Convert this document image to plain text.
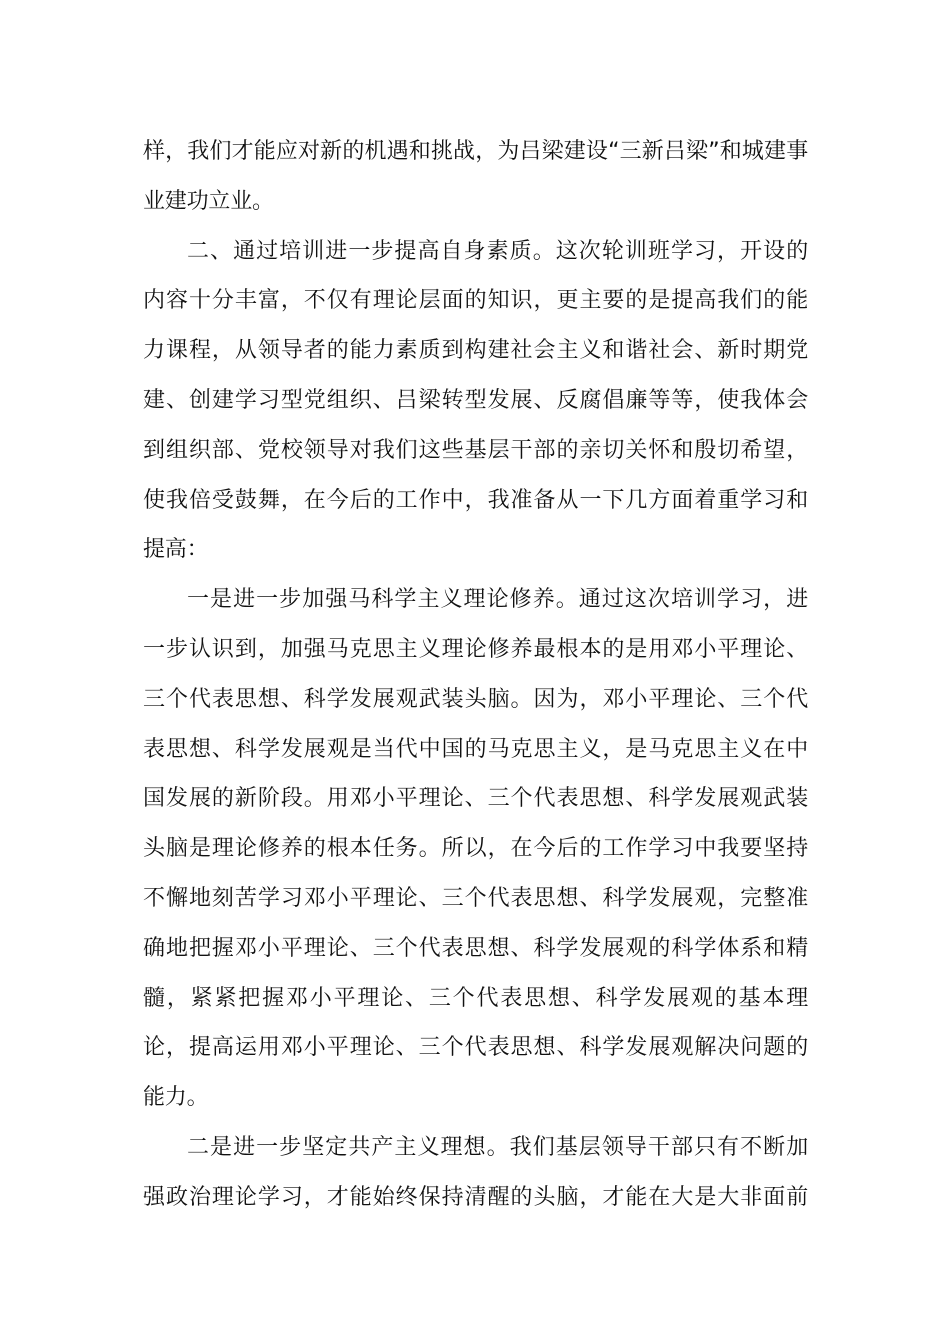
样，我们才能应对新的机遇和挑战，为吕梁建设“三新吕梁”和城建事
业建功立业。
二、通过培训进一步提高自身素质。这次轮训班学习，开设的
内容十分丰富，不仅有理论层面的知识，更主要的是提高我们的能
力课程，从领导者的能力素质到构建社会主义和谐社会、新时期党
建、创建学习型党组织、吕梁转型发展、反腐倡廉等等，使我体会
到组织部、党校领导对我们这些基层干部的亲切关怀和殷切希望，
使我倍受鼓舞，在今后的工作中，我准备从一下几方面着重学习和
提高：
一是进一步加强马科学主义理论修养。通过这次培训学习，进
一步认识到，加强马克思主义理论修养最根本的是用邓小平理论、
三个代表思想、科学发展观武装头脑。因为，邓小平理论、三个代
表思想、科学发展观是当代中国的马克思主义，是马克思主义在中
国发展的新阶段。用邓小平理论、三个代表思想、科学发展观武装
头脑是理论修养的根本任务。所以，在今后的工作学习中我要坚持
不懈地刻苦学习邓小平理论、三个代表思想、科学发展观，完整准
确地把握邓小平理论、三个代表思想、科学发展观的科学体系和精
髓，紧紧把握邓小平理论、三个代表思想、科学发展观的基本理
论，提高运用邓小平理论、三个代表思想、科学发展观解决问题的
能力。
二是进一步坚定共产主义理想。我们基层领导干部只有不断加
强政治理论学习，才能始终保持清醒的头脑，才能在大是大非面前
